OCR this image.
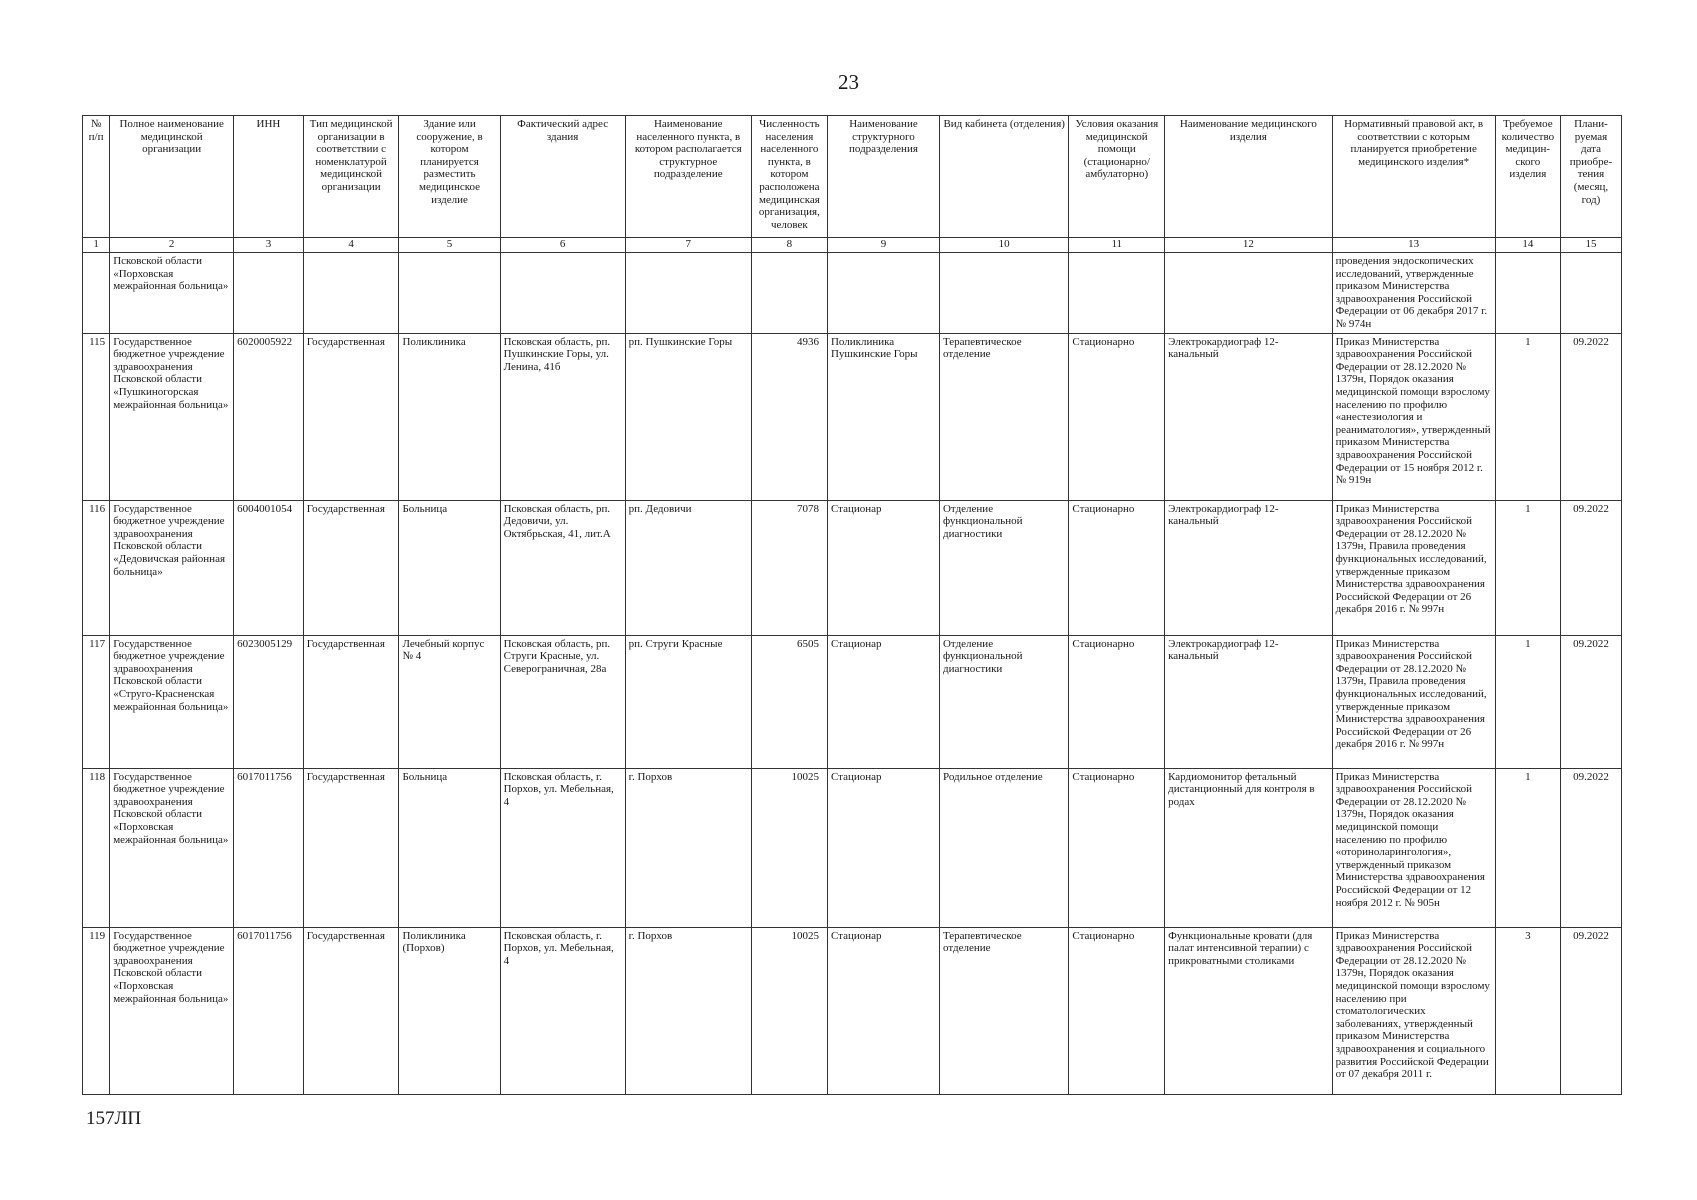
23
№ п/п	Полное наименование медицинской организации	ИНН	Тип медицинской организации в соответствии с номенклатурой медицинской организации	Здание или сооружение, в котором планируется разместить медицинское изделие	Фактический адрес здания	Наименование населенного пункта, в котором располагается структурное подразделение	Численность населения населенного пункта, в котором расположена медицинская организация, человек	Наименование структурного подразделения	Вид кабинета (отделения)	Условия оказания медицинской помощи (стационарно/ амбулаторно)	Наименование медицинского изделия	Нормативный правовой акт, в соответствии с которым планируется приобретение медицинского изделия*	Требуемое количество медицин-ского изделия	Плани-руемая дата приобре-тения (месяц, год)
1	2	3	4	5	6	7	8	9	10	11	12	13	14	15
	Псковской области «Порховская межрайонная больница»											проведения эндоскопических исследований, утвержденные приказом Министерства здравоохранения Российской Федерации от 06 декабря 2017 г. № 974н		
115	Государственное бюджетное учреждение здравоохранения Псковской области «Пушкиногорская межрайонная больница»	6020005922	Государственная	Поликлиника	Псковская область, рп. Пушкинские Горы, ул. Ленина, 41б	рп. Пушкинские Горы	4936	Поликлиника Пушкинские Горы	Терапевтическое отделение	Стационарно	Электрокардиограф 12-канальный	Приказ Министерства здравоохранения Российской Федерации от 28.12.2020 № 1379н, Порядок оказания медицинской помощи взрослому населению по профилю «анестезиология и реаниматология», утвержденный приказом Министерства здравоохранения Российской Федерации от 15 ноября 2012 г. № 919н	1	09.2022
116	Государственное бюджетное учреждение здравоохранения Псковской области «Дедовичская районная больница»	6004001054	Государственная	Больница	Псковская область, рп. Дедовичи, ул. Октябрьская, 41, лит.А	рп. Дедовичи	7078	Стационар	Отделение функциональной диагностики	Стационарно	Электрокардиограф 12-канальный	Приказ Министерства здравоохранения Российской Федерации от 28.12.2020 № 1379н, Правила проведения функциональных исследований, утвержденные приказом Министерства здравоохранения Российской Федерации от 26 декабря 2016 г. № 997н	1	09.2022
117	Государственное бюджетное учреждение здравоохранения Псковской области «Струго-Красненская межрайонная больница»	6023005129	Государственная	Лечебный корпус № 4	Псковская область, рп. Струги Красные, ул. Северограничная, 28а	рп. Струги Красные	6505	Стационар	Отделение функциональной диагностики	Стационарно	Электрокардиограф 12-канальный	Приказ Министерства здравоохранения Российской Федерации от 28.12.2020 № 1379н, Правила проведения функциональных исследований, утвержденные приказом Министерства здравоохранения Российской Федерации от 26 декабря 2016 г. № 997н	1	09.2022
118	Государственное бюджетное учреждение здравоохранения Псковской области «Порховская межрайонная больница»	6017011756	Государственная	Больница	Псковская область, г. Порхов, ул. Мебельная, 4	г. Порхов	10025	Стационар	Родильное отделение	Стационарно	Кардиомонитор фетальный дистанционный для контроля в родах	Приказ Министерства здравоохранения Российской Федерации от 28.12.2020 № 1379н, Порядок оказания медицинской помощи населению по профилю «оториноларингология», утвержденный приказом Министерства здравоохранения Российской Федерации от 12 ноября 2012 г. № 905н	1	09.2022
119	Государственное бюджетное учреждение здравоохранения Псковской области «Порховская межрайонная больница»	6017011756	Государственная	Поликлиника (Порхов)	Псковская область, г. Порхов, ул. Мебельная, 4	г. Порхов	10025	Стационар	Терапевтическое отделение	Стационарно	Функциональные кровати (для палат интенсивной терапии) с прикроватными столиками	Приказ Министерства здравоохранения Российской Федерации от 28.12.2020 № 1379н, Порядок оказания медицинской помощи взрослому населению при стоматологических заболеваниях, утвержденный приказом Министерства здравоохранения и социального развития Российской Федерации от 07 декабря 2011 г.	3	09.2022
157ЛП
